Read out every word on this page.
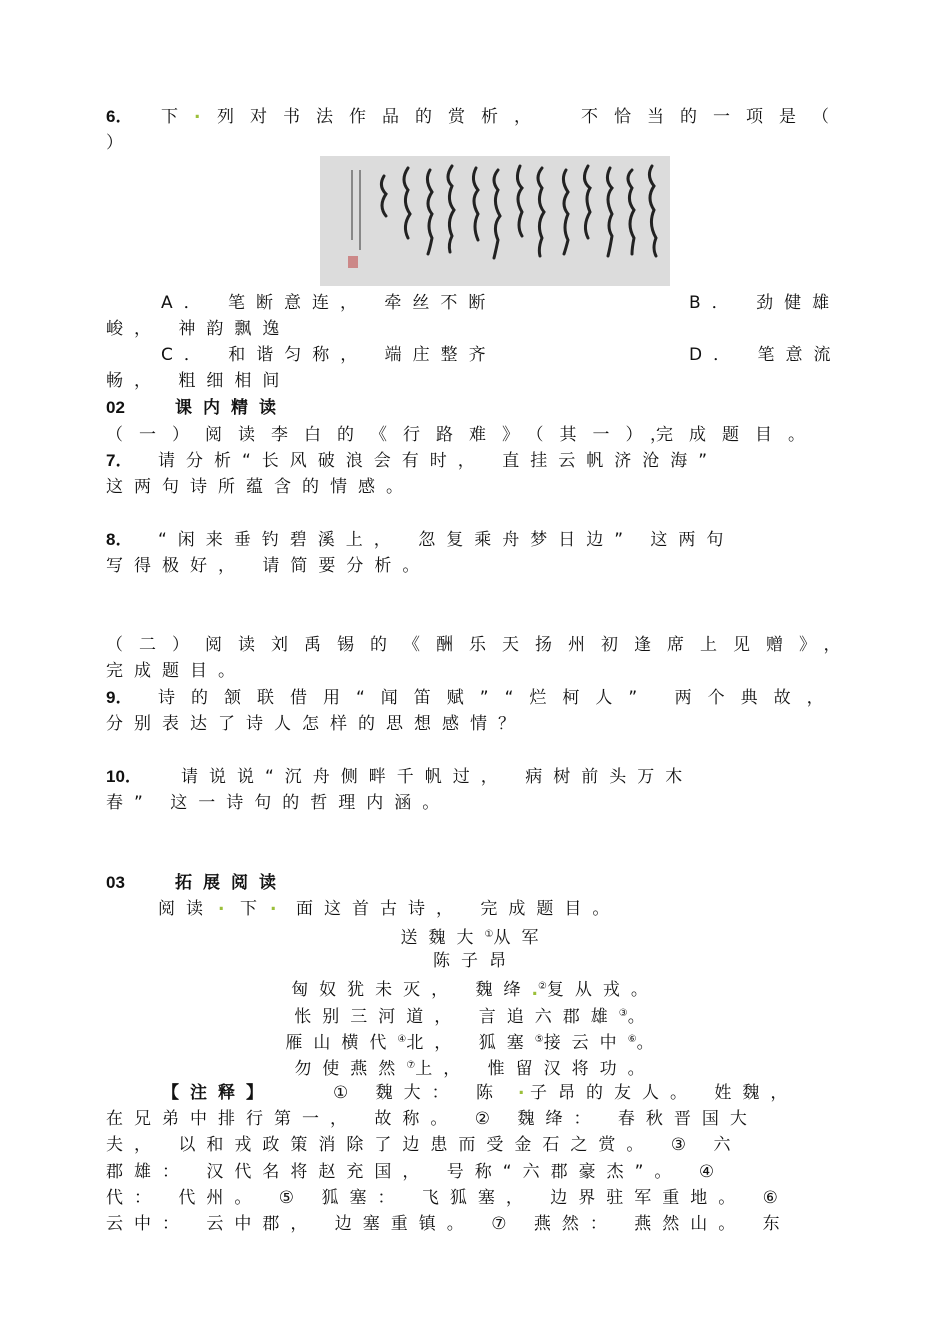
6．

下

.

列对书法作品的赏析，

不恰当的一项是（

）

A． 笔断意连， 牵丝不断

	B． 劲健雄

峻， 神韵飘逸

C． 和谐匀称， 端庄整齐

	D． 笔意流

畅， 粗细相间

02

	课内精读

（一）阅读李白的《行路难》（其一），

完成题目。

7．

请分析“长风破浪会有时， 直挂云帆济沧海”

这两句诗所蕴含的情感。

8．

“闲来垂钓碧溪上， 忽复乘舟梦日边” 这两句

写得极好， 请简要分析。

（二）阅读刘禹锡的《酬乐天扬州初逢席上见赠》，

完成题目。

9．

诗的颔联借用“闻笛赋”“烂柯人” 两个典故，

分别表达了诗人怎样的思想感情？

10．

请说说“沉舟侧畔千帆过， 病树前头万木

春” 这一诗句的哲理内涵。

03

	拓展阅读

阅读

.

下

.

面这首古诗， 完成题目。

送魏大①从军
陈子昂
匈奴犹未灭， 魏绛.②复从戎。
怅别三河道， 言追六郡雄③。
雁山横代④北， 狐塞⑤接云中⑥。
勿使燕然⑦上， 惟留汉将功。

【注释】

	① 魏大： 陈

.

子昂的友人。 姓魏，

在兄弟中排行第一， 故称。 ② 魏绛： 春秋晋国大

夫， 以和戎政策消除了边患而受金石之赏。 ③ 六

郡雄： 汉代名将赵充国， 号称“六郡豪杰”。 ④

代： 代州。 ⑤ 狐塞： 飞狐塞， 边界驻军重地。 ⑥

云中： 云中郡， 边塞重镇。 ⑦ 燕然： 燕然山。 东
